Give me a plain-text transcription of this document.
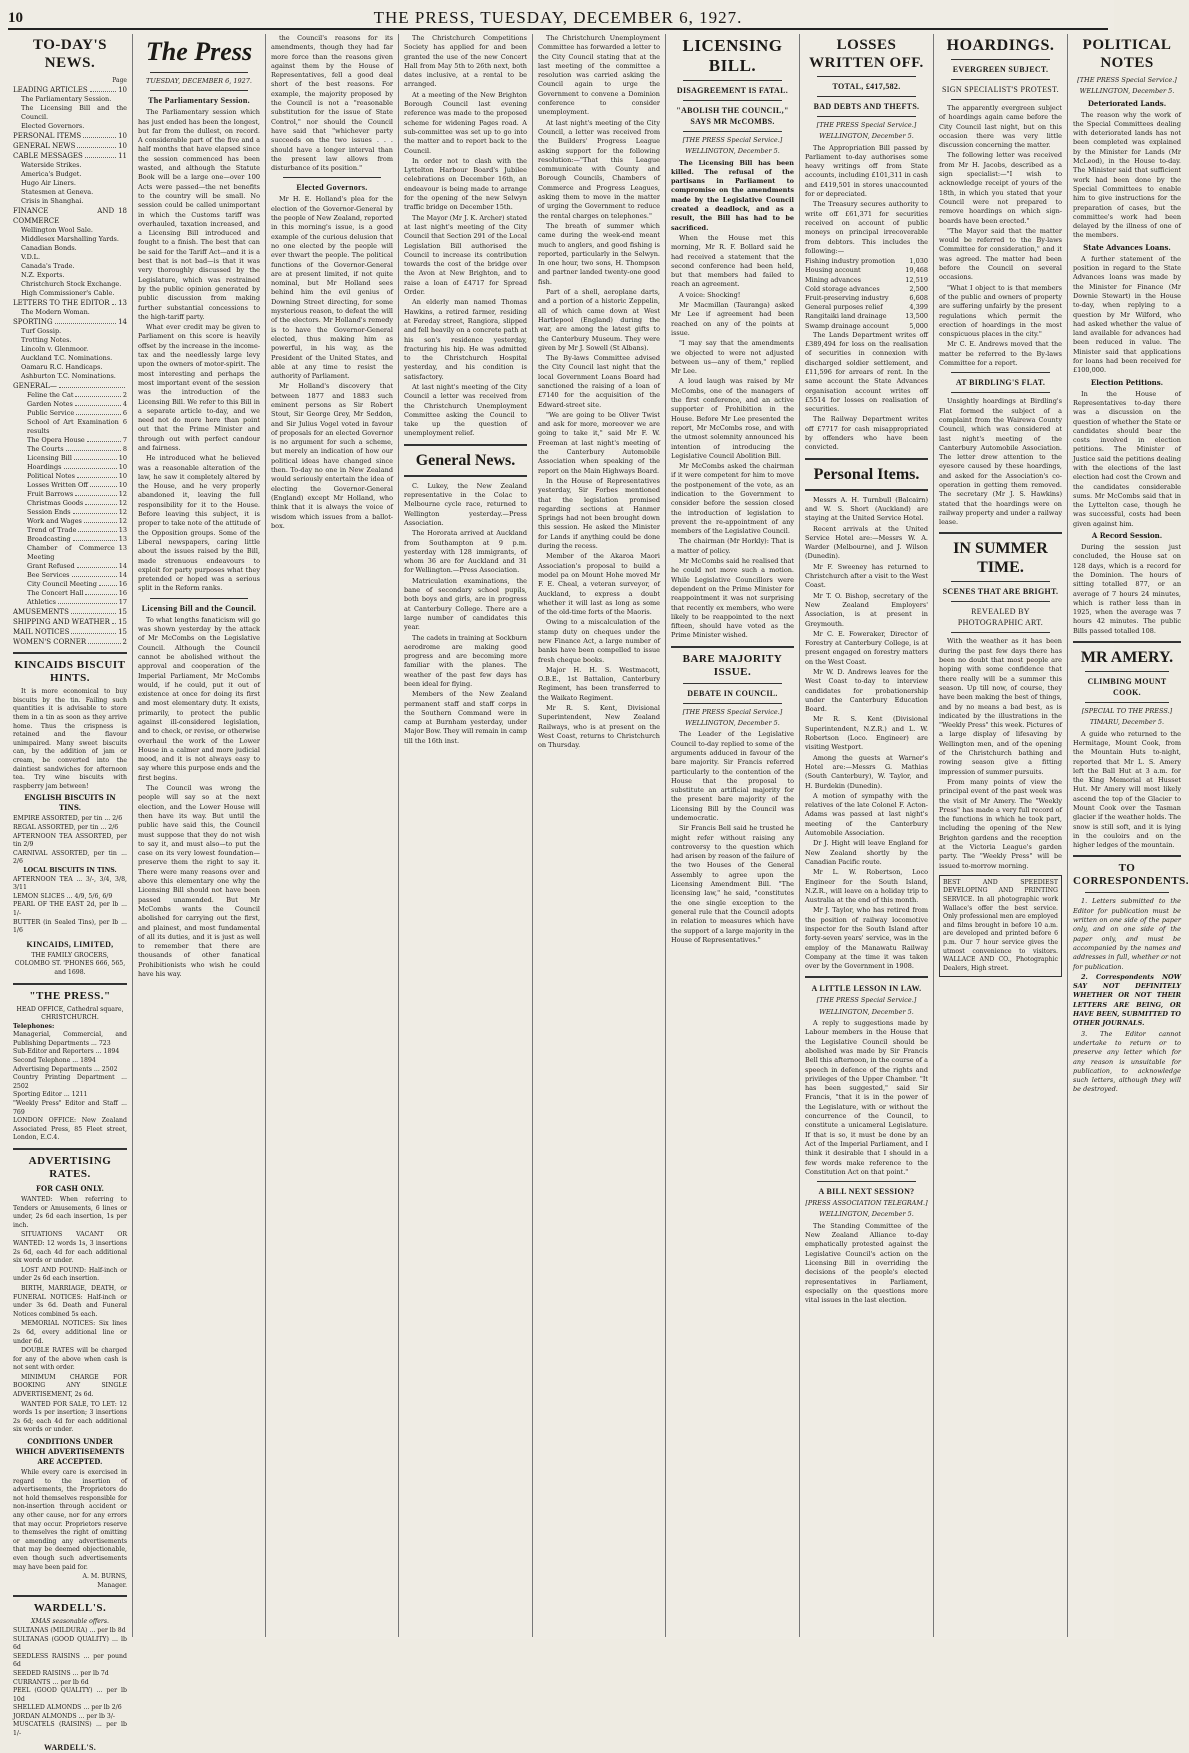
10	THE PRESS, TUESDAY, DECEMBER 6, 1927.
TO-DAY'S NEWS.
Page
LEADING ARTICLES	10
The Parliamentary Session.
The Licensing Bill and the Council.
Elected Governors.
PERSONAL ITEMS	10
GENERAL NEWS	10
CABLE MESSAGES	11
Waterside Strikes.
America's Budget.
Hugo Air Liners.
Statesmen at Geneva.
Crisis in Shanghai.
FINANCE AND COMMERCE
18
Wellington Wool Sale.
Middlesex Marshalling Yards.
Canadian Bonds.
V.D.L.
Canada's Trade.
N.Z. Exports.
Christchurch Stock Exchange.
High Commissioner's Cable.
LETTERS TO THE EDITOR 13
The Modern Woman.
SPORTING	14
Turf Gossip.
Trotting Notes.
Lincoln v. Glenmoor.
Auckland T.C. Nominations.
Oamaru R.C. Handicaps.
Ashburton T.C. Nominations.
GENERAL—
Feline the Cat	2
Garden Notes	4
Public Service	6
School of Art Examination results
6
The Opera House	7
The Courts	8
Licensing Bill	10
Hoardings	10
Political Notes	10
Losses Written Off	10
Fruit Barrows	12
Christmas Goods	12
Session Ends	12
Work and Wages	12
Trend of Trade	13
Broadcasting	13
Chamber of Commerce Meeting
13
Grant Refused	14
Bee Services	14
City Council Meeting	16
The Concert Hall	16
Athletics	17
AMUSEMENTS	15
SHIPPING AND WEATHER 15
MAIL NOTICES	15
WOMEN'S CORNER	2
KINCAIDS BISCUIT HINTS.

It is more economical to buy biscuits by the tin. Failing such quantities it is advisable to store them in a tin as soon as they arrive home. Thus the crispness is retained and the flavour unimpaired. Many sweet biscuits can, by the addition of jam or cream, be converted into the daintiest sandwiches for afternoon tea. Try wine biscuits with raspberry jam between!

ENGLISH BISCUITS IN TINS.
EMPIRE ASSORTED, per tin ... 2/6
REGAL ASSORTED, per tin ... 2/6
AFTERNOON TEA ASSORTED, per tin 2/9
CARNIVAL ASSORTED, per tin ... 2/6
LOCAL BISCUITS IN TINS.
AFTERNOON TEA ... 3/-, 3/4, 3/8, 3/11
LEMON SLICES ... 4/9, 5/6, 6/9
PEARL OF THE EAST 2d, per lb ... 1/-
BUTTER (in Sealed Tins), per lb ... 1/6
KINCAIDS, LIMITED,
THE FAMILY GROCERS, COLOMBO ST. 'PHONES 666, 565, and 1698.
"THE PRESS."
HEAD OFFICE, Cathedral square, CHRISTCHURCH.
Telephones:
Managerial, Commercial, and Publishing Departments ... 723
Sub-Editor and Reporters ... 1894
Second Telephone ... 1894
Advertising Departments ... 2502
Country Printing Department ... 2502
Sporting Editor ... 1211
"Weekly Press" Editor and Staff ... 769
LONDON OFFICE: New Zealand Associated Press, 85 Fleet street, London, E.C.4.
ADVERTISING RATES.
FOR CASH ONLY.

WANTED: When referring to Tenders or Amusements, 6 lines or under, 2s 6d each insertion, 1s per inch.

SITUATIONS VACANT OR WANTED: 12 words 1s, 3 insertions 2s 6d, each 4d for each additional six words or under.

LOST AND FOUND: Half-inch or under 2s 6d each insertion.

BIRTH, MARRIAGE, DEATH, or FUNERAL NOTICES: Half-inch or under 3s 6d. Death and Funeral Notices combined 5s each.

MEMORIAL NOTICES: Six lines 2s 6d, every additional line or under 6d.

DOUBLE RATES will be charged for any of the above when cash is not sent with order.

MINIMUM CHARGE FOR BOOKING ANY SINGLE ADVERTISEMENT, 2s 6d.

WANTED FOR SALE, TO LET: 12 words 1s per insertion; 3 insertions 2s 6d; each 4d for each additional six words or under.

CONDITIONS UNDER WHICH ADVERTISEMENTS ARE ACCEPTED.

While every care is exercised in regard to the insertion of advertisements, the Proprietors do not hold themselves responsible for non-insertion through accident or any other cause, nor for any errors that may occur. Proprietors reserve to themselves the right of omitting or amending any advertisements that may be deemed objectionable, even though such advertisements may have been paid for.

A. M. BURNS,
Manager.
WARDELL'S.
XMAS seasonable offers.
SULTANAS (MILDURA) ... per lb 8d
SULTANAS (GOOD QUALITY) ... lb 6d
SEEDLESS RAISINS ... per pound 6d
SEEDED RAISINS ... per lb 7d
CURRANTS ... per lb 6d
PEEL (GOOD QUALITY) ... per lb 10d
SHELLED ALMONDS ... per lb 2/6
JORDAN ALMONDS ... per lb 3/-
MUSCATELS (RAISINS) ... per lb 1/-
WARDELL'S.
The Press
TUESDAY, DECEMBER 6, 1927.
The Parliamentary Session.

The Parliamentary session which has just ended has been the longest, but far from the dullest, on record. A considerable part of the five and a half months that have elapsed since the session commenced has been wasted, and although the Statute Book will be a large one—over 100 Acts were passed—the net benefits to the country will be small. No session could be called unimportant in which the Customs tariff was overhauled, taxation increased, and a Licensing Bill introduced and fought to a finish. The best that can be said for the Tariff Act—and it is a best that is not bad—is that it was very thoroughly discussed by the Legislature, which was restrained by the public opinion generated by public discussion from making further substantial concessions to the high-tariff party.

What ever credit may be given to Parliament on this score is heavily offset by the increase in the income-tax and the needlessly large levy upon the owners of motor-spirit. The most interesting and perhaps the most important event of the session was the introduction of the Licensing Bill. We refer to this Bill in a separate article to-day, and we need not do more here than point out that the Prime Minister and through out with perfect candour and fairness.

He introduced what he believed was a reasonable alteration of the law, he saw it completely altered by the House, and he very properly abandoned it, leaving the full responsibility for it to the House. Before leaving this subject, it is proper to take note of the attitude of the Opposition groups. Some of the Liberal newspapers, caring little about the issues raised by the Bill, made strenuous endeavours to exploit for party purposes what they pretended or hoped was a serious split in the Reform ranks.

Licensing Bill and the Council.

To what lengths fanaticism will go was shown yesterday by the attack of Mr McCombs on the Legislative Council. Although the Council cannot be abolished without the approval and cooperation of the Imperial Parliament, Mr McCombs would, if he could, put it out of existence at once for doing its first and most elementary duty. It exists, primarily, to protect the public against ill-considered legislation, and to check, or revise, or otherwise overhaul the work of the Lower House in a calmer and more judicial mood, and it is not always easy to say where this purpose ends and the first begins.

The Council was wrong the people will say so at the next election, and the Lower House will then have its way. But until the public have said this, the Council must suppose that they do not wish to say it, and must also—to put the case on its very lowest foundation—preserve them the right to say it. There were many reasons over and above this elementary one why the Licensing Bill should not have been passed unamended. But Mr McCombs wants the Council abolished for carrying out the first, and plainest, and most fundamental of all its duties, and it is just as well to remember that there are thousands of other fanatical Prohibitionists who wish he could have his way.

the Council's reasons for its amendments, though they had far more force than the reasons given against them by the House of Representatives, fell a good deal short of the best reasons. For example, the majority proposed by the Council is not a "reasonable substitution for the issue of State Control," nor should the Council have said that "whichever party succeeds on the two issues . . . should have a longer interval than the present law allows from disturbance of its position."

Elected Governors.

Mr H. E. Holland's plea for the election of the Governor-General by the people of New Zealand, reported in this morning's issue, is a good example of the curious delusion that no one elected by the people will ever thwart the people. The political functions of the Governor-General are at present limited, if not quite nominal, but Mr Holland sees behind him the evil genius of Downing Street directing, for some mysterious reason, to defeat the will of the electors. Mr Holland's remedy is to have the Governor-General elected, thus making him as powerful, in his way, as the President of the United States, and able at any time to resist the authority of Parliament.

Mr Holland's discovery that between 1877 and 1883 such eminent persons as Sir Robert Stout, Sir George Grey, Mr Seddon, and Sir Julius Vogel voted in favour of proposals for an elected Governor is no argument for such a scheme, but merely an indication of how our political ideas have changed since then. To-day no one in New Zealand would seriously entertain the idea of electing the Governor-General (England) except Mr Holland, who think that it is always the voice of wisdom which issues from a ballot-box.

The Christchurch Competitions Society has applied for and been granted the use of the new Concert Hall from May 5th to 26th next, both dates inclusive, at a rental to be arranged.

At a meeting of the New Brighton Borough Council last evening reference was made to the proposed scheme for widening Pages road. A sub-committee was set up to go into the matter and to report back to the Council.

In order not to clash with the Lyttelton Harbour Board's Jubilee celebrations on December 16th, an endeavour is being made to arrange for the opening of the new Selwyn traffic bridge on December 15th.

The Mayor (Mr J. K. Archer) stated at last night's meeting of the City Council that Section 291 of the Local Legislation Bill authorised the Council to increase its contribution towards the cost of the bridge over the Avon at New Brighton, and to raise a loan of £4717 for Spread Order.

An elderly man named Thomas Hawkins, a retired farmer, residing at Fereday street, Rangiora, slipped and fell heavily on a concrete path at his son's residence yesterday, fracturing his hip. He was admitted to the Christchurch Hospital yesterday, and his condition is satisfactory.

At last night's meeting of the City Council a letter was received from the Christchurch Unemployment Committee asking the Council to take up the question of unemployment relief.

General News.

C. Lukey, the New Zealand representative in the Colac to Melbourne cycle race, returned to Wellington yesterday.—Press Association.

The Hororata arrived at Auckland from Southampton at 9 p.m. yesterday with 128 immigrants, of whom 36 are for Auckland and 31 for Wellington.—Press Association.

Matriculation examinations, the bane of secondary school pupils, both boys and girls, are in progress at Canterbury College. There are a large number of candidates this year.

The cadets in training at Sockburn aerodrome are making good progress and are becoming more familiar with the planes. The weather of the past few days has been ideal for flying.

Members of the New Zealand permanent staff and staff corps in the Southern Command were in camp at Burnham yesterday, under Major Bow. They will remain in camp till the 16th inst.

The Christchurch Unemployment Committee has forwarded a letter to the City Council stating that at the last meeting of the committee a resolution was carried asking the Council again to urge the Government to convene a Dominion conference to consider unemployment.

At last night's meeting of the City Council, a letter was received from the Builders' Progress League asking support for the following resolution:—"That this League communicate with County and Borough Councils, Chambers of Commerce and Progress Leagues, asking them to move in the matter of urging the Government to reduce the rental charges on telephones."

The breath of summer which came during the week-end meant much to anglers, and good fishing is reported, particularly in the Selwyn. In one hour, two sons, H. Thompson and partner landed twenty-one good fish.

Part of a shell, aeroplane darts, and a portion of a historic Zeppelin, all of which came down at West Hartlepool (England) during the war, are among the latest gifts to the Canterbury Museum. They were given by Mr J. Sowell (St Albans).

The By-laws Committee advised the City Council last night that the local Government Loans Board had sanctioned the raising of a loan of £7140 for the acquisition of the Edward-street site.

"We are going to be Oliver Twist and ask for more, moreover we are going to take it," said Mr F. W. Freeman at last night's meeting of the Canterbury Automobile Association when speaking of the report on the Main Highways Board.

In the House of Representatives yesterday, Sir Forbes mentioned that the legislation promised regarding sections at Hanmer Springs had not been brought down this session. He asked the Minister for Lands if anything could be done during the recess.

Member of the Akaroa Maori Association's proposal to build a model pa on Mount Hohe moved Mr F. E. Cheal, a veteran surveyor, of Auckland, to express a doubt whether it will last as long as some of the old-time forts of the Maoris.

Owing to a miscalculation of the stamp duty on cheques under the new Finance Act, a large number of banks have been compelled to issue fresh cheque books.

Major H. H. S. Westmacott, O.B.E., 1st Battalion, Canterbury Regiment, has been transferred to the Waikato Regiment.

Mr R. S. Kent, Divisional Superintendent, New Zealand Railways, who is at present on the West Coast, returns to Christchurch on Thursday.

LICENSING BILL.
DISAGREEMENT IS FATAL.
"ABOLISH THE COUNCIL," SAYS MR McCOMBS.
[THE PRESS Special Service.]
WELLINGTON, December 5.

The Licensing Bill has been killed. The refusal of the partisans in Parliament to compromise on the amendments made by the Legislative Council created a deadlock, and as a result, the Bill has had to be sacrificed.

When the House met this morning, Mr R. F. Bollard said he had received a statement that the second conference had been held, but that members had failed to reach an agreement.

A voice: Shocking!

Mr Macmillan (Tauranga) asked Mr Lee if agreement had been reached on any of the points at issue.

"I may say that the amendments we objected to were not adjusted between us—any of them," replied Mr Lee.

A loud laugh was raised by Mr McCombs, one of the managers of the first conference, and an active supporter of Prohibition in the House. Before Mr Lee presented the report, Mr McCombs rose, and with the utmost solemnity announced his intention of introducing the Legislative Council Abolition Bill.

Mr McCombs asked the chairman if it were competent for him to move the postponement of the vote, as an indication to the Government to consider before the session closed the introduction of legislation to prevent the re-appointment of any members of the Legislative Council.

The chairman (Mr Horkly): That is a matter of policy.

Mr McCombs said he realised that he could not move such a motion. While Legislative Councillors were dependent on the Prime Minister for reappointment it was not surprising that recently ex members, who were likely to be reappointed to the next fifteen, should have voted as the Prime Minister wished.

BARE MAJORITY ISSUE.
DEBATE IN COUNCIL.
[THE PRESS Special Service.]
WELLINGTON, December 5.

The Leader of the Legislative Council to-day replied to some of the arguments adduced in favour of the bare majority. Sir Francis referred particularly to the contention of the House that the proposal to substitute an artificial majority for the present bare majority of the Licensing Bill by the Council was undemocratic.

Sir Francis Bell said he trusted he might refer without raising any controversy to the question which had arisen by reason of the failure of the two Houses of the General Assembly to agree upon the Licensing Amendment Bill. "The licensing law," he said, "constitutes the one single exception to the general rule that the Council adopts in relation to measures which have the support of a large majority in the House of Representatives."

LOSSES WRITTEN OFF.
TOTAL, £417,582.
BAD DEBTS AND THEFTS.
[THE PRESS Special Service.]
WELLINGTON, December 5.

The Appropriation Bill passed by Parliament to-day authorises some heavy writings off from State accounts, including £101,311 in cash and £419,501 in stores unaccounted for or depreciated.

The Treasury secures authority to write off £61,371 for securities received on account of public moneys on principal irrecoverable from debtors. This includes the following:—

Fishing industry promotion	1,030
Housing account	19,468
Mining advances	12,519
Cold storage advances	2,500
Fruit-preserving industry	6,608
General purposes relief	4,399
Rangitaiki land drainage	13,500
Swamp drainage account	5,000

The Lands Department writes off £389,494 for loss on the realisation of securities in connexion with discharged soldier settlement, and £11,596 for arrears of rent. In the same account the State Advances organisation account writes off £5514 for losses on realisation of securities.

The Railway Department writes off £7717 for cash misappropriated by offenders who have been convicted.

Personal Items.

Messrs A. H. Turnbull (Balcairn) and W. S. Short (Auckland) are staying at the United Service Hotel.

Recent arrivals at the United Service Hotel are:—Messrs W. A. Warder (Melbourne), and J. Wilson (Dunedin).

Mr F. Sweeney has returned to Christchurch after a visit to the West Coast.

Mr T. O. Bishop, secretary of the New Zealand Employers' Association, is at present in Greymouth.

Mr C. E. Foweraker, Director of Forestry at Canterbury College, is at present engaged on forestry matters on the West Coast.

Mr W. D. Andrews leaves for the West Coast to-day to interview candidates for probationership under the Canterbury Education Board.

Mr R. S. Kent (Divisional Superintendent, N.Z.R.) and L. W. Robertson (Loco. Engineer) are visiting Westport.

Among the guests at Warner's Hotel are:—Messrs G. Mathias (South Canterbury), W. Taylor, and H. Burdekin (Dunedin).

A motion of sympathy with the relatives of the late Colonel F. Acton-Adams was passed at last night's meeting of the Canterbury Automobile Association.

Dr J. Hight will leave England for New Zealand shortly by the Canadian Pacific route.

Mr L. W. Robertson, Loco Engineer for the South Island, N.Z.R., will leave on a holiday trip to Australia at the end of this month.

Mr J. Taylor, who has retired from the position of railway locomotive inspector for the South Island after forty-seven years' service, was in the employ of the Manawatu Railway Company at the time it was taken over by the Government in 1908.

A LITTLE LESSON IN LAW.
[THE PRESS Special Service.]
WELLINGTON, December 5.

A reply to suggestions made by Labour members in the House that the Legislative Council should be abolished was made by Sir Francis Bell this afternoon, in the course of a speech in defence of the rights and privileges of the Upper Chamber. "It has been suggested," said Sir Francis, "that it is in the power of the Legislature, with or without the concurrence of the Council, to constitute a unicameral Legislature. If that is so, it must be done by an Act of the Imperial Parliament, and I think it desirable that I should in a few words make reference to the Constitution Act on that point."

A BILL NEXT SESSION?
[PRESS ASSOCIATION TELEGRAM.]
WELLINGTON, December 5.

The Standing Committee of the New Zealand Alliance to-day emphatically protested against the Legislative Council's action on the Licensing Bill in overriding the decisions of the people's elected representatives in Parliament, especially on the questions more vital issues in the last election.

HOARDINGS.
EVERGREEN SUBJECT.
SIGN SPECIALIST'S PROTEST.

The apparently evergreen subject of hoardings again came before the City Council last night, but on this occasion there was very little discussion concerning the matter.

The following letter was received from Mr H. Jacobs, described as a sign specialist:—"I wish to acknowledge receipt of yours of the 18th, in which you stated that your Council were not prepared to remove hoardings on which sign-boards have been erected."

"The Mayor said that the matter would be referred to the By-laws Committee for consideration," and it was agreed. The matter had been before the Council on several occasions.

"What I object to is that members of the public and owners of property are suffering unfairly by the present regulations which permit the erection of hoardings in the most conspicuous places in the city."

Mr C. E. Andrews moved that the matter be referred to the By-laws Committee for a report.

AT BIRDLING'S FLAT.

Unsightly hoardings at Birdling's Flat formed the subject of a complaint from the Wairewa County Council, which was considered at last night's meeting of the Canterbury Automobile Association. The letter drew attention to the eyesore caused by these hoardings, and asked for the Association's co-operation in getting them removed. The secretary (Mr J. S. Hawkins) stated that the hoardings were on railway property and under a railway lease.

IN SUMMER TIME.
SCENES THAT ARE BRIGHT.
REVEALED BY PHOTOGRAPHIC ART.

With the weather as it has been during the past few days there has been no doubt that most people are hoping with some confidence that there really will be a summer this season. Up till now, of course, they have been making the best of things, and by no means a bad best, as is indicated by the illustrations in the "Weekly Press" this week. Pictures of a large display of lifesaving by Wellington men, and of the opening of the Christchurch bathing and rowing season give a fitting impression of summer pursuits.

From many points of view the principal event of the past week was the visit of Mr Amery. The "Weekly Press" has made a very full record of the functions in which he took part, including the opening of the New Brighton gardens and the reception at the Victoria League's garden party. The "Weekly Press" will be issued to-morrow morning.

BEST AND SPEEDIEST DEVELOPING AND PRINTING SERVICE. In all photographic work Wallace's offer the best service. Only professional men are employed and films brought in before 10 a.m. are developed and printed before 6 p.m. Our 7 hour service gives the utmost convenience to visitors. WALLACE AND CO., Photographic Dealers, High street.
POLITICAL NOTES
[THE PRESS Special Service.]
WELLINGTON, December 5.
Deteriorated Lands.

The reason why the work of the Special Committees dealing with deteriorated lands has not been completed was explained by the Minister for Lands (Mr McLeod), in the House to-day. The Minister said that sufficient work had been done by the Special Committees to enable him to give instructions for the preparation of cases, but the committee's work had been delayed by the illness of one of the members.

State Advances Loans.

A further statement of the position in regard to the State Advances loans was made by the Minister for Finance (Mr Downie Stewart) in the House to-day, when replying to a question by Mr Wilford, who had asked whether the value of land available for advances had been reduced in value. The Minister said that applications for loans had been received for £100,000.

Election Petitions.

In the House of Representatives to-day there was a discussion on the question of whether the State or candidates should bear the costs involved in election petitions. The Minister of Justice said the petitions dealing with the elections of the last election had cost the Crown and the candidates considerable sums. Mr McCombs said that in the Lyttelton case, though he was successful, costs had been given against him.

A Record Session.

During the session just concluded, the House sat on 128 days, which is a record for the Dominion. The hours of sitting totalled 877, or an average of 7 hours 24 minutes, which is rather less than in 1925, when the average was 7 hours 42 minutes. The public Bills passed totalled 108.

MR AMERY.
CLIMBING MOUNT COOK.
[SPECIAL TO THE PRESS.]
TIMARU, December 5.

A guide who returned to the Hermitage, Mount Cook, from the Mountain Huts to-night, reported that Mr L. S. Amery left the Ball Hut at 3 a.m. for the King Memorial at Husset Hut. Mr Amery will most likely ascend the top of the Glacier to Mount Cook over the Tasman glacier if the weather holds. The snow is still soft, and it is lying in the couloirs and on the higher ledges of the mountain.

TO CORRESPONDENTS.

1. Letters submitted to the Editor for publication must be written on one side of the paper only, and on one side of the paper only, and must be accompanied by the names and addresses in full, whether or not for publication.

2. Correspondents NOW SAY NOT DEFINITELY WHETHER OR NOT THEIR LETTERS ARE BEING, OR HAVE BEEN, SUBMITTED TO OTHER JOURNALS.

3. The Editor cannot undertake to return or to preserve any letter which for any reason is unsuitable for publication, to acknowledge such letters, although they will be destroyed.
